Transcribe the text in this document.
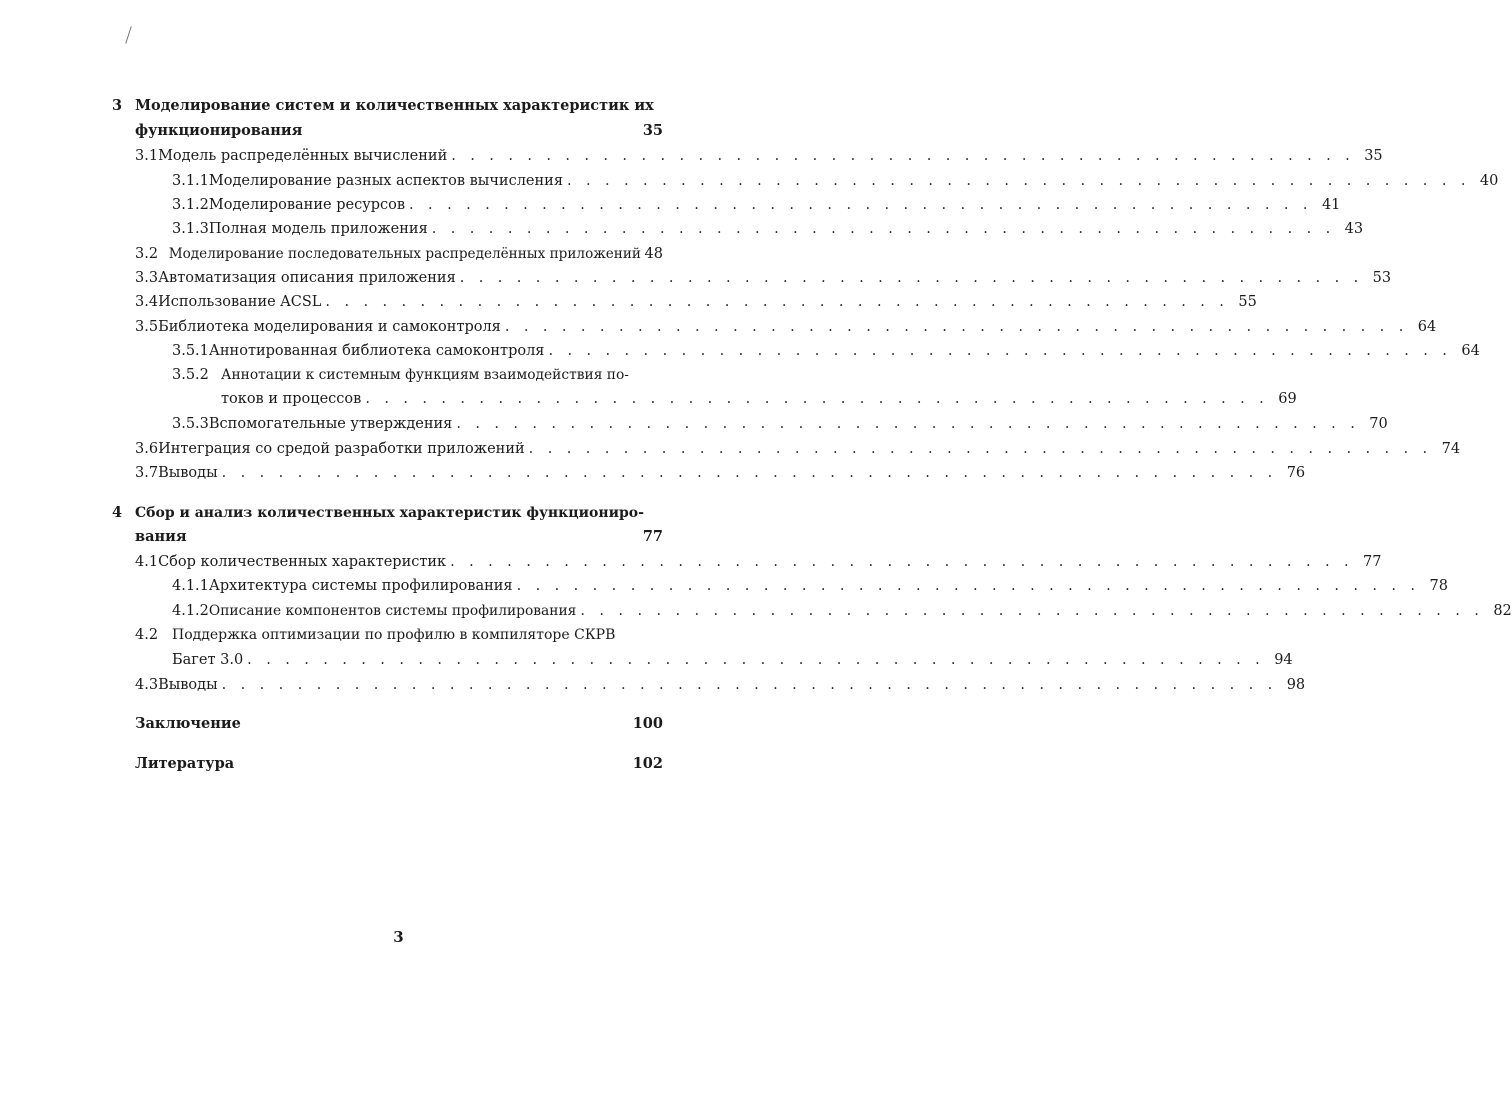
3 Моделирование систем и количественных характеристик их
функционирования	35
3.1 Модель распределённых вычислений . . . . . . . . . . . . . . . . . . . . . . . . . . . . . . . . . . . . . . . . . . . . . . . . 35
3.1.1 Моделирование разных аспектов вычисления . . . . . . . . . . . . . . . . . . . . . . . . . . . . . . . . . . . . . . . . . . . . . . . . 40
3.1.2 Моделирование ресурсов . . . . . . . . . . . . . . . . . . . . . . . . . . . . . . . . . . . . . . . . . . . . . . . . 41
3.1.3 Полная модель приложения . . . . . . . . . . . . . . . . . . . . . . . . . . . . . . . . . . . . . . . . . . . . . . . . 43
3.2 Моделирование последовательных распределённых приложений 48
3.3 Автоматизация описания приложения . . . . . . . . . . . . . . . . . . . . . . . . . . . . . . . . . . . . . . . . . . . . . . . . 53
3.4 Использование ACSL . . . . . . . . . . . . . . . . . . . . . . . . . . . . . . . . . . . . . . . . . . . . . . . . 55
3.5 Библиотека моделирования и самоконтроля . . . . . . . . . . . . . . . . . . . . . . . . . . . . . . . . . . . . . . . . . . . . . . . . 64
3.5.1 Аннотированная библиотека самоконтроля . . . . . . . . . . . . . . . . . . . . . . . . . . . . . . . . . . . . . . . . . . . . . . . . 64
3.5.2 Аннотации к системным функциям взаимодействия по-
токов и процессов . . . . . . . . . . . . . . . . . . . . . . . . . . . . . . . . . . . . . . . . . . . . . . . . 69
3.5.3 Вспомогательные утверждения . . . . . . . . . . . . . . . . . . . . . . . . . . . . . . . . . . . . . . . . . . . . . . . . 70
3.6 Интеграция со средой разработки приложений . . . . . . . . . . . . . . . . . . . . . . . . . . . . . . . . . . . . . . . . . . . . . . . . 74
3.7 Выводы . . . . . . . . . . . . . . . . . . . . . . . . . . . . . . . . . . . . . . . . . . . . . . . . . . . . . . . . 76
4 Сбор и анализ количественных характеристик функциониро-
вания	77
4.1 Сбор количественных характеристик . . . . . . . . . . . . . . . . . . . . . . . . . . . . . . . . . . . . . . . . . . . . . . . . 77
4.1.1 Архитектура системы профилирования . . . . . . . . . . . . . . . . . . . . . . . . . . . . . . . . . . . . . . . . . . . . . . . . 78
4.1.2 Описание компонентов системы профилирования . . . . . . . . . . . . . . . . . . . . . . . . . . . . . . . . . . . . . . . . . . . . . . . . 82
4.2 Поддержка оптимизации по профилю в компиляторе СКРВ
Багет 3.0 . . . . . . . . . . . . . . . . . . . . . . . . . . . . . . . . . . . . . . . . . . . . . . . . . . . . . . 94
4.3 Выводы . . . . . . . . . . . . . . . . . . . . . . . . . . . . . . . . . . . . . . . . . . . . . . . . . . . . . . . . 98
Заключение	100
Литература	102
3
